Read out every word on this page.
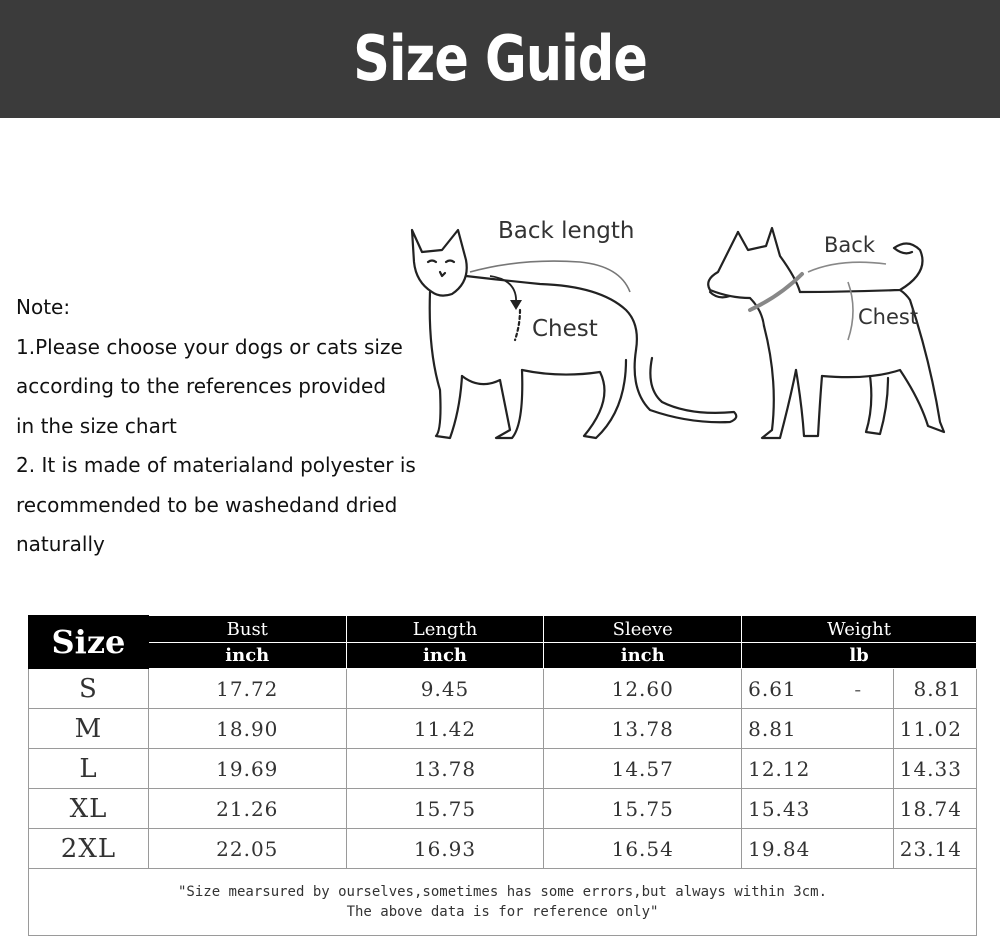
Size Guide
Note:
1.Please choose your dogs or cats size
according to the references provided
in the size chart
2. It is made of materialand polyester is
recommended to be washedand dried
naturally
Back length
Chest
Back
Chest
Size	Bust	Length	Sleeve	Weight		
	inch	inch	inch	lb		
S	17.72	9.45	12.60	6.61	-	8.81
M	18.90	11.42	13.78	8.81		11.02
L	19.69	13.78	14.57	12.12		14.33
XL	21.26	15.75	15.75	15.43		18.74
2XL	22.05	16.93	16.54	19.84		23.14

"Size mearsured by ourselves,sometimes has some errors,but always within 3cm.
The above data is for reference only"						
